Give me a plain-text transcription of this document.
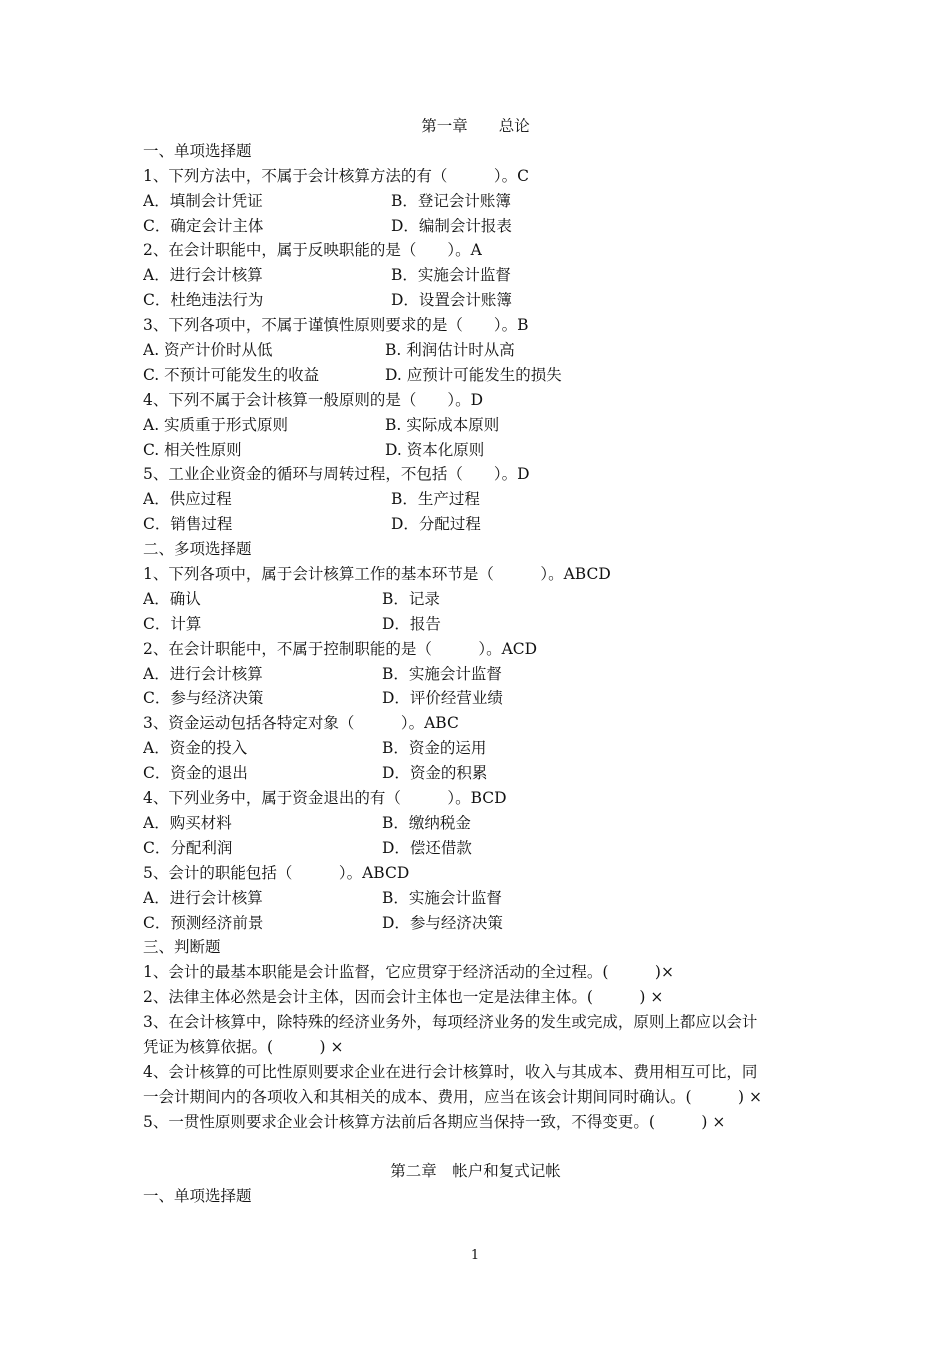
第一章　　总论
一、单项选择题
1、下列方法中，不属于会计核算方法的有（　　　）。C
A．填制会计凭证	B．登记会计账簿
C．确定会计主体	D．编制会计报表
2、在会计职能中，属于反映职能的是（　　）。A
A．进行会计核算	B．实施会计监督
C．杜绝违法行为	D．设置会计账簿
3、下列各项中，不属于谨慎性原则要求的是（　　）。B
A. 资产计价时从低	B. 利润估计时从高
C. 不预计可能发生的收益	D. 应预计可能发生的损失
4、下列不属于会计核算一般原则的是（　　）。D
A. 实质重于形式原则	B. 实际成本原则
C. 相关性原则	D. 资本化原则
5、工业企业资金的循环与周转过程，不包括（　　）。D
A．供应过程	B．生产过程
C．销售过程	D．分配过程
二、多项选择题
1、下列各项中，属于会计核算工作的基本环节是（　　　）。ABCD
A．确认	B．记录
C．计算	D．报告
2、在会计职能中，不属于控制职能的是（　　　）。ACD
A．进行会计核算	B．实施会计监督
C．参与经济决策	D．评价经营业绩
3、资金运动包括各特定对象（　　　）。ABC
A．资金的投入	B．资金的运用
C．资金的退出	D．资金的积累
4、下列业务中，属于资金退出的有（　　　）。BCD
A．购买材料	B．缴纳税金
C．分配利润	D．偿还借款
5、会计的职能包括（　　　）。ABCD
A．进行会计核算	B．实施会计监督
C．预测经济前景	D．参与经济决策
三、判断题
1、会计的最基本职能是会计监督，它应贯穿于经济活动的全过程。(　　　)×
2、法律主体必然是会计主体，因而会计主体也一定是法律主体。(　　　) ×
3、在会计核算中，除特殊的经济业务外，每项经济业务的发生或完成，原则上都应以会计
凭证为核算依据。(　　　) ×
4、会计核算的可比性原则要求企业在进行会计核算时，收入与其成本、费用相互可比，同
一会计期间内的各项收入和其相关的成本、费用，应当在该会计期间同时确认。(　　　) ×
5、一贯性原则要求企业会计核算方法前后各期应当保持一致，不得变更。(　　　) ×
第二章　帐户和复式记帐
一、单项选择题
1
